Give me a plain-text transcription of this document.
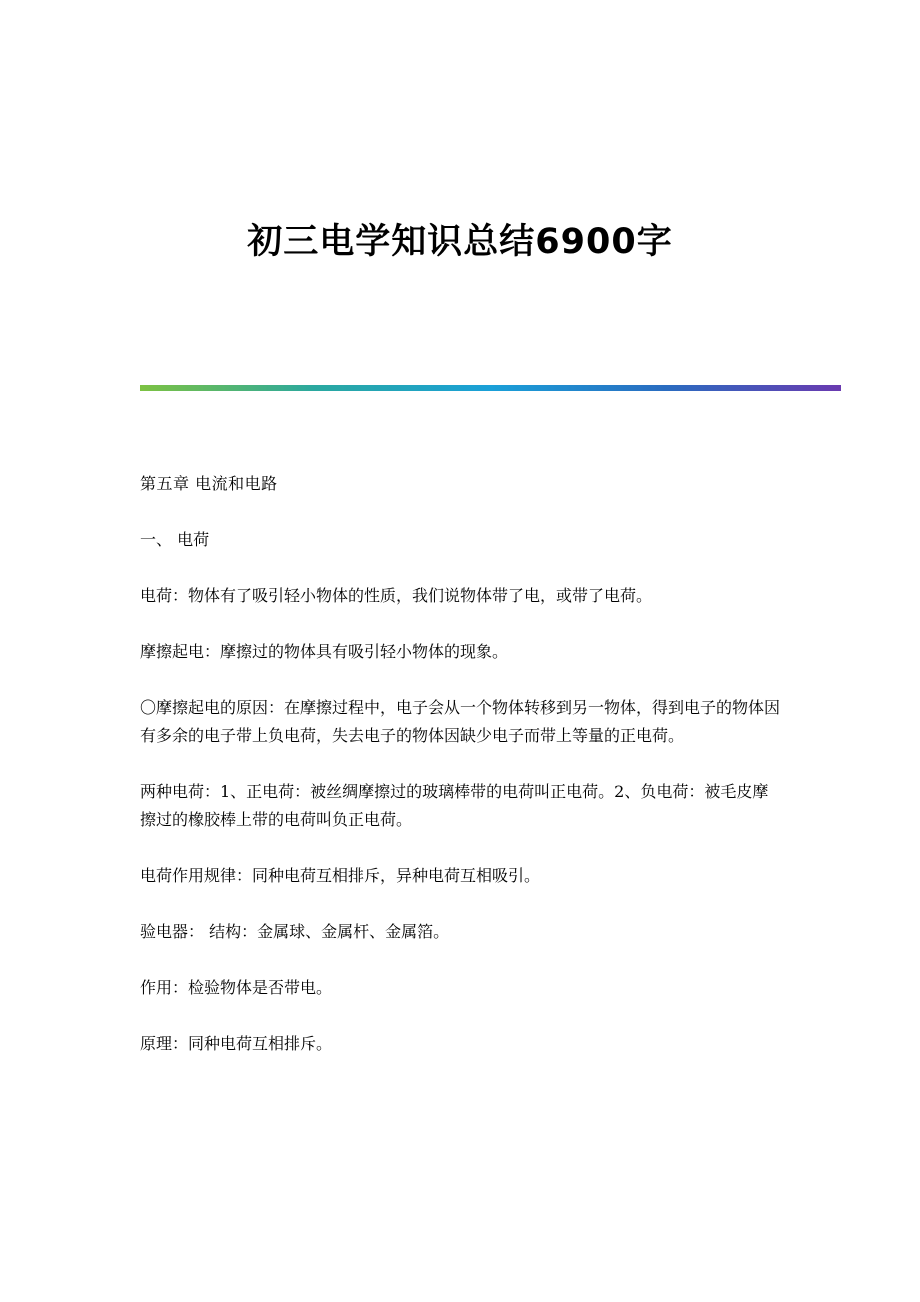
初三电学知识总结6900字

第五章 电流和电路

一、 电荷

电荷：物体有了吸引轻小物体的性质，我们说物体带了电，或带了电荷。

摩擦起电：摩擦过的物体具有吸引轻小物体的现象。

〇摩擦起电的原因：在摩擦过程中，电子会从一个物体转移到另一物体，得到电子的物体因有多余的电子带上负电荷，失去电子的物体因缺少电子而带上等量的正电荷。

两种电荷：1、正电荷：被丝绸摩擦过的玻璃棒带的电荷叫正电荷。2、负电荷：被毛皮摩擦过的橡胶棒上带的电荷叫负正电荷。

电荷作用规律：同种电荷互相排斥，异种电荷互相吸引。

验电器： 结构：金属球、金属杆、金属箔。

作用：检验物体是否带电。

原理：同种电荷互相排斥。
